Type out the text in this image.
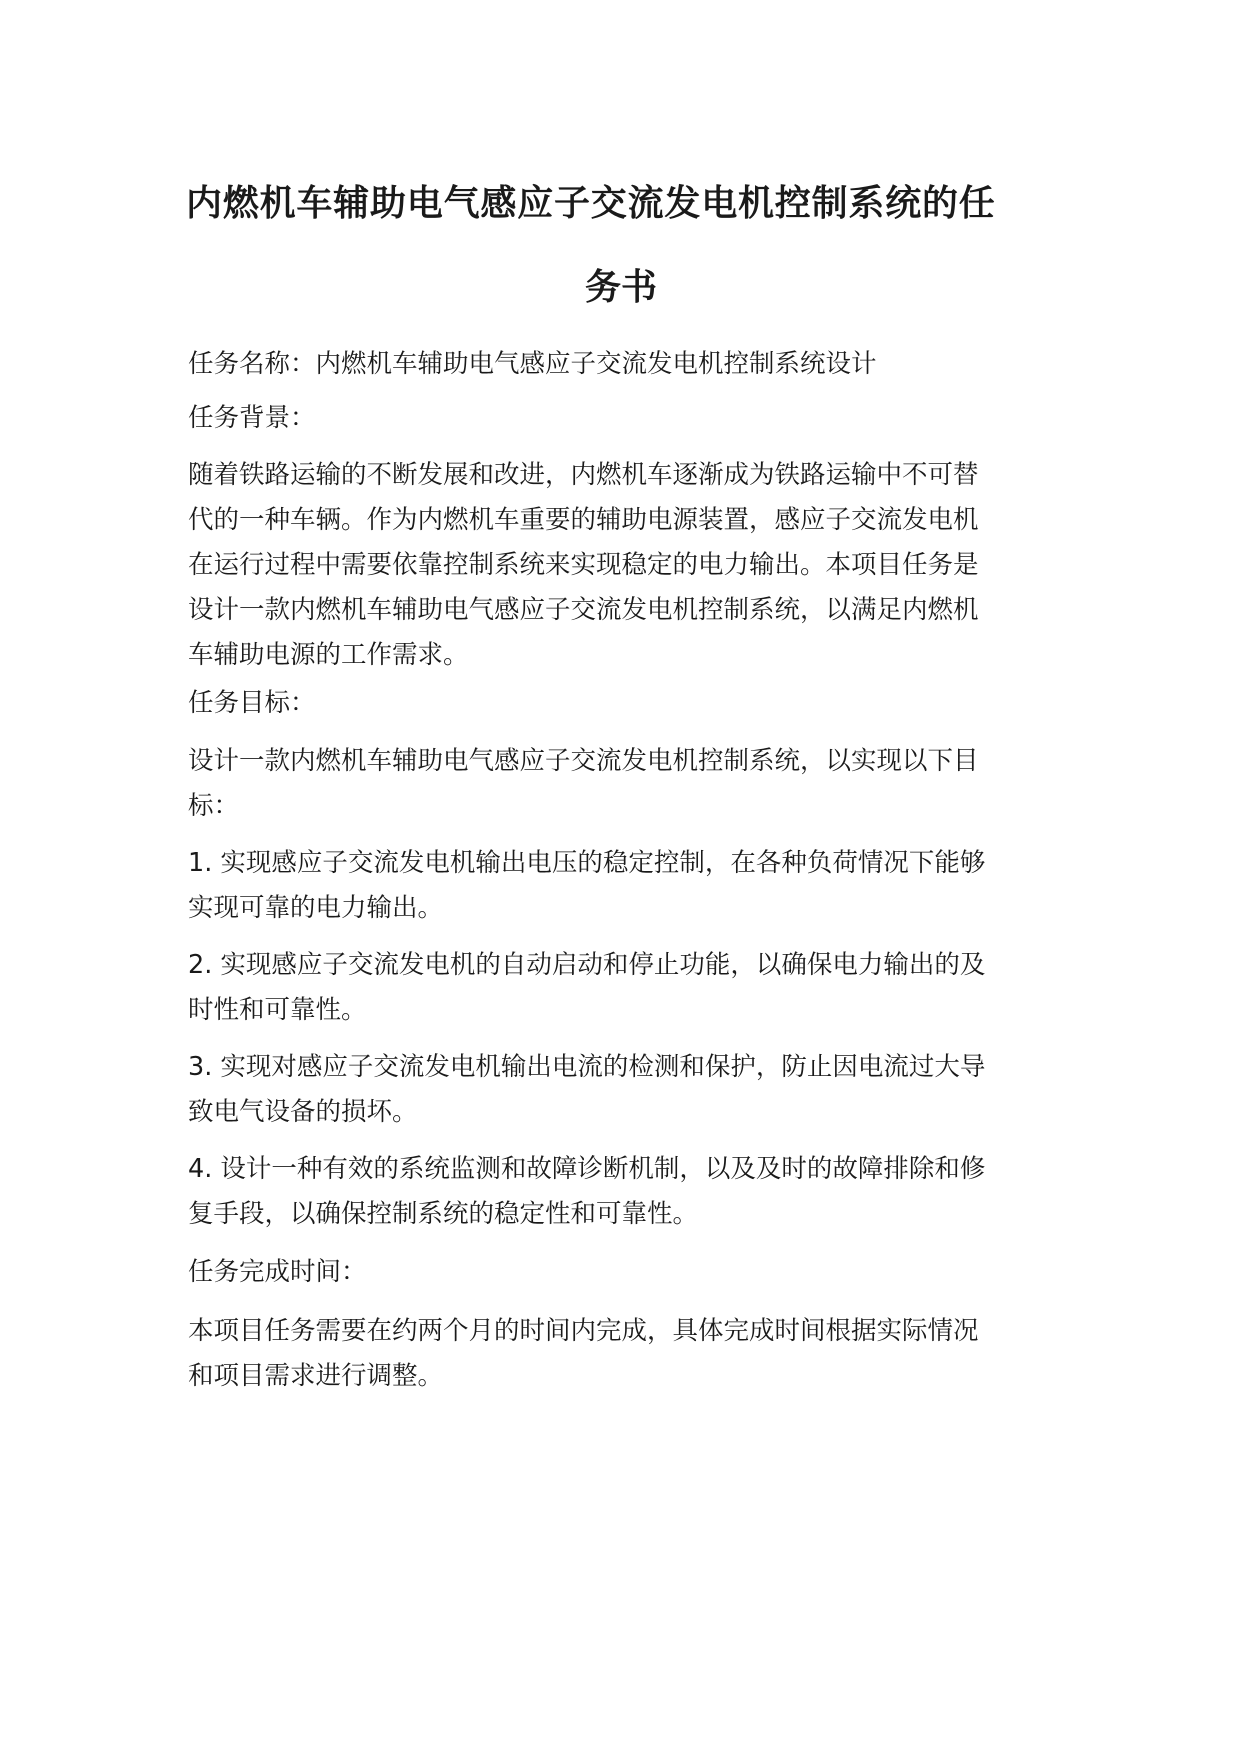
内燃机车辅助电气感应子交流发电机控制系统的任
务书

任务名称：内燃机车辅助电气感应子交流发电机控制系统设计

任务背景：

随着铁路运输的不断发展和改进，内燃机车逐渐成为铁路运输中不可替
代的一种车辆。作为内燃机车重要的辅助电源装置，感应子交流发电机
在运行过程中需要依靠控制系统来实现稳定的电力输出。本项目任务是
设计一款内燃机车辅助电气感应子交流发电机控制系统，以满足内燃机
车辅助电源的工作需求。

任务目标：

设计一款内燃机车辅助电气感应子交流发电机控制系统，以实现以下目
标：

1. 实现感应子交流发电机输出电压的稳定控制，在各种负荷情况下能够
实现可靠的电力输出。

2. 实现感应子交流发电机的自动启动和停止功能，以确保电力输出的及
时性和可靠性。

3. 实现对感应子交流发电机输出电流的检测和保护，防止因电流过大导
致电气设备的损坏。

4. 设计一种有效的系统监测和故障诊断机制，以及及时的故障排除和修
复手段，以确保控制系统的稳定性和可靠性。

任务完成时间：

本项目任务需要在约两个月的时间内完成，具体完成时间根据实际情况
和项目需求进行调整。
